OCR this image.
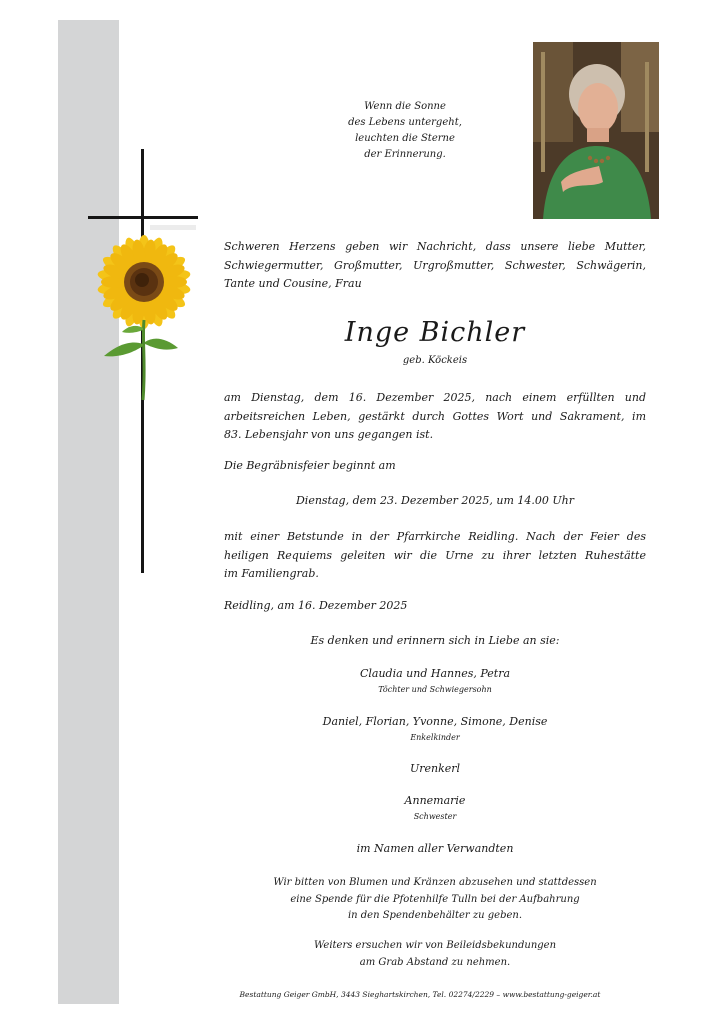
Wenn die Sonne
des Lebens untergeht,
leuchten die Sterne
der Erinnerung.
Schweren Herzens geben wir Nachricht, dass unsere liebe Mutter,
Schwiegermutter, Großmutter, Urgroßmutter, Schwester, Schwägerin,
Tante und Cousine, Frau
Inge Bichler
geb. Köckeis
am Dienstag, dem 16. Dezember 2025, nach einem erfüllten und
arbeitsreichen Leben, gestärkt durch Gottes Wort und Sakrament, im
83. Lebensjahr von uns gegangen ist.
Die Begräbnisfeier beginnt am
Dienstag, dem 23. Dezember 2025, um 14.00 Uhr
mit einer Betstunde in der Pfarrkirche Reidling. Nach der Feier des
heiligen Requiems geleiten wir die Urne zu ihrer letzten Ruhestätte
im Familiengrab.
Reidling, am 16. Dezember 2025
Es denken und erinnern sich in Liebe an sie:
Claudia und Hannes, Petra
Töchter und Schwiegersohn
Daniel, Florian, Yvonne, Simone, Denise
Enkelkinder
Urenkerl
Annemarie
Schwester
im Namen aller Verwandten
Wir bitten von Blumen und Kränzen abzusehen und stattdessen
eine Spende für die Pfotenhilfe Tulln bei der Aufbahrung
in den Spendenbehälter zu geben.
Weiters ersuchen wir von Beileidsbekundungen
am Grab Abstand zu nehmen.
Bestattung Geiger GmbH, 3443 Sieghartskirchen, Tel. 02274/2229 – www.bestattung-geiger.at
